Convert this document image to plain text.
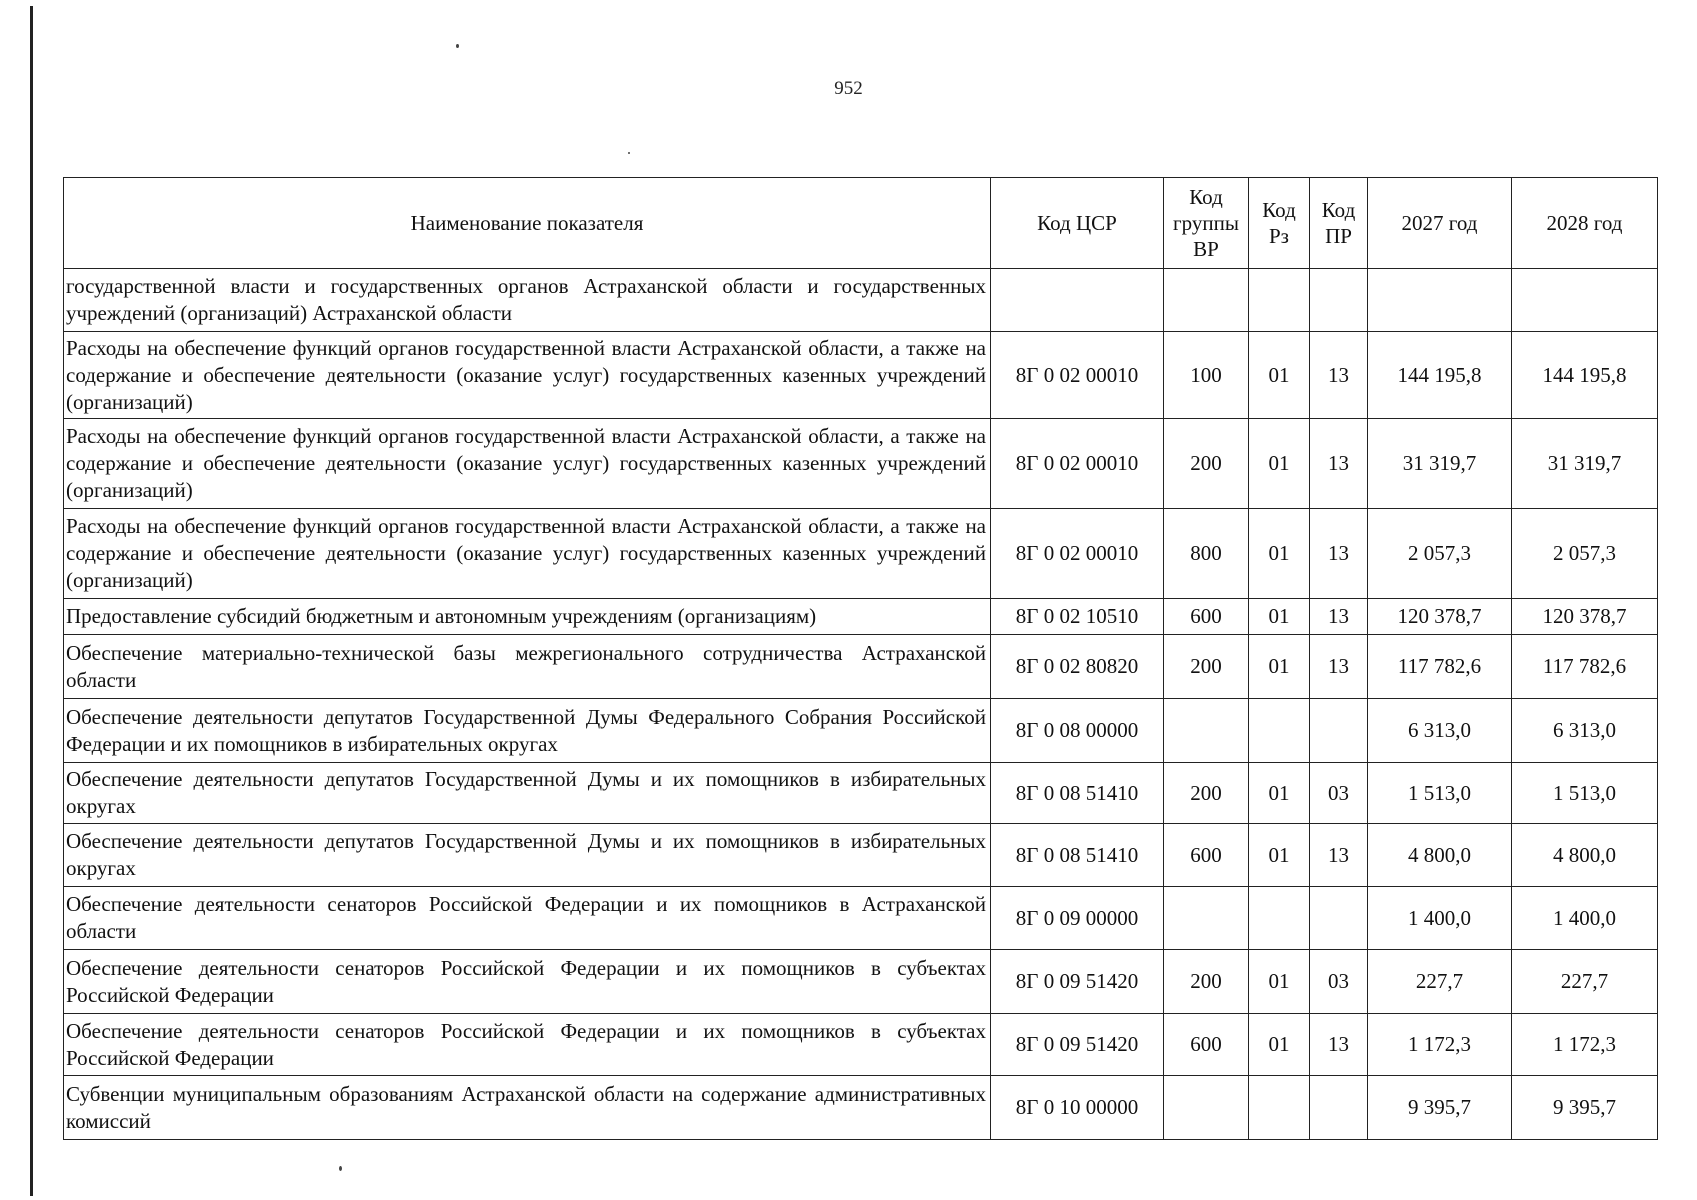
952
Наименование показателя	Код ЦСР	Код группы ВР	Код Рз	Код ПР	2027 год	2028 год
государственной власти и государственных органов Астраханской области и государственных учреждений (организаций) Астраханской области						
Расходы на обеспечение функций органов государственной власти Астраханской области, а также на содержание и обеспечение деятельности (оказание услуг) государственных казенных учреждений (организаций)	8Г 0 02 00010	100	01	13	144 195,8	144 195,8
Расходы на обеспечение функций органов государственной власти Астраханской области, а также на содержание и обеспечение деятельности (оказание услуг) государственных казенных учреждений (организаций)	8Г 0 02 00010	200	01	13	31 319,7	31 319,7
Расходы на обеспечение функций органов государственной власти Астраханской области, а также на содержание и обеспечение деятельности (оказание услуг) государственных казенных учреждений (организаций)	8Г 0 02 00010	800	01	13	2 057,3	2 057,3
Предоставление субсидий бюджетным и автономным учреждениям (организациям)	8Г 0 02 10510	600	01	13	120 378,7	120 378,7
Обеспечение материально-технической базы межрегионального сотрудничества Астраханской области	8Г 0 02 80820	200	01	13	117 782,6	117 782,6
Обеспечение деятельности депутатов Государственной Думы Федерального Собрания Российской Федерации и их помощников в избирательных округах	8Г 0 08 00000				6 313,0	6 313,0
Обеспечение деятельности депутатов Государственной Думы и их помощников в избирательных округах	8Г 0 08 51410	200	01	03	1 513,0	1 513,0
Обеспечение деятельности депутатов Государственной Думы и их помощников в избирательных округах	8Г 0 08 51410	600	01	13	4 800,0	4 800,0
Обеспечение деятельности сенаторов Российской Федерации и их помощников в Астраханской области	8Г 0 09 00000				1 400,0	1 400,0
Обеспечение деятельности сенаторов Российской Федерации и их помощников в субъектах Российской Федерации	8Г 0 09 51420	200	01	03	227,7	227,7
Обеспечение деятельности сенаторов Российской Федерации и их помощников в субъектах Российской Федерации	8Г 0 09 51420	600	01	13	1 172,3	1 172,3
Субвенции муниципальным образованиям Астраханской области на содержание административных комиссий	8Г 0 10 00000				9 395,7	9 395,7
